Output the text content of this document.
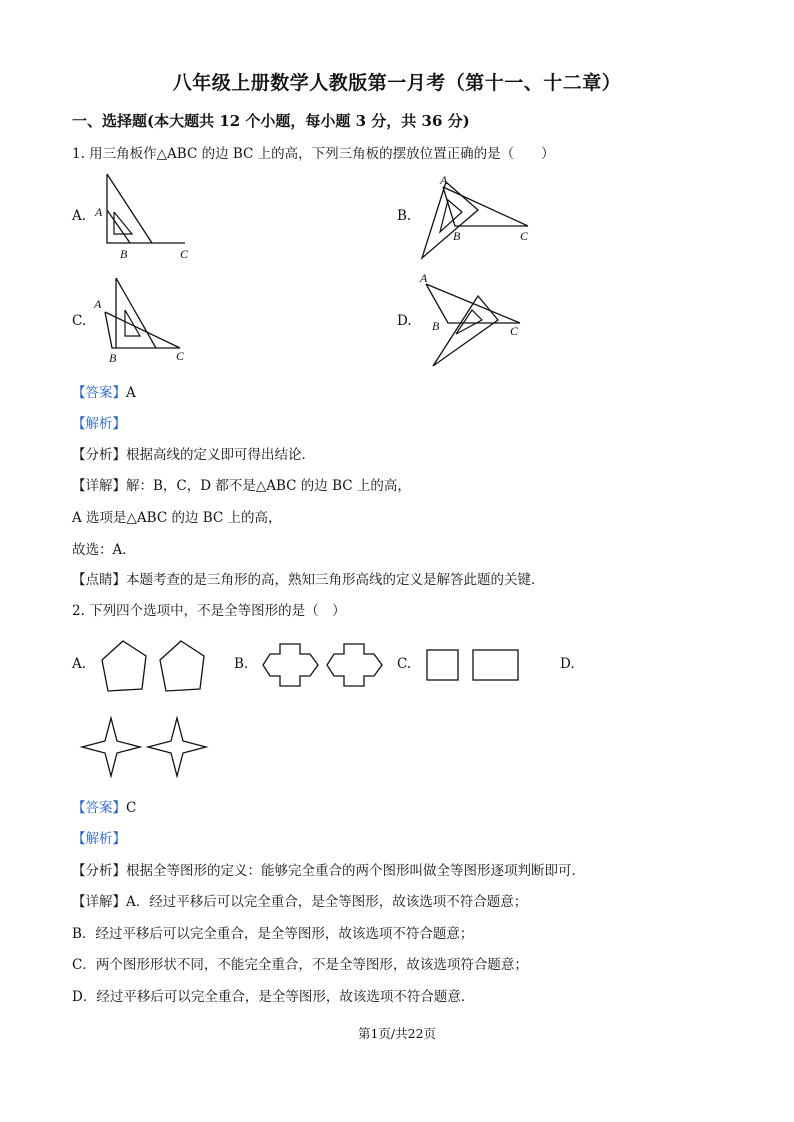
八年级上册数学人教版第一月考（第十一、十二章）
一、选择题(本大题共 12 个小题，每小题 3 分，共 36 分)
1. 用三角板作△ABC 的边 BC 上的高，下列三角板的摆放位置正确的是（　　）
A. A
B	C
B.
A
B	C
C.
A
B	C
D.
A
B	C
【答案】A
【解析】
【分析】根据高线的定义即可得出结论．
【详解】解：B，C，D 都不是△ABC 的边 BC 上的高，
A 选项是△ABC 的边 BC 上的高，
故选：A．
【点睛】本题考查的是三角形的高，熟知三角形高线的定义是解答此题的关键．
2. 下列四个选项中，不是全等图形的是（　）
A.	B.	C.	D.
【答案】C
【解析】
【分析】根据全等图形的定义：能够完全重合的两个图形叫做全等图形逐项判断即可．
【详解】A．经过平移后可以完全重合，是全等图形，故该选项不符合题意；
B．经过平移后可以完全重合，是全等图形，故该选项不符合题意；
C．两个图形形状不同，不能完全重合，不是全等图形，故该选项符合题意；
D．经过平移后可以完全重合，是全等图形，故该选项不符合题意．
第1页/共22页
